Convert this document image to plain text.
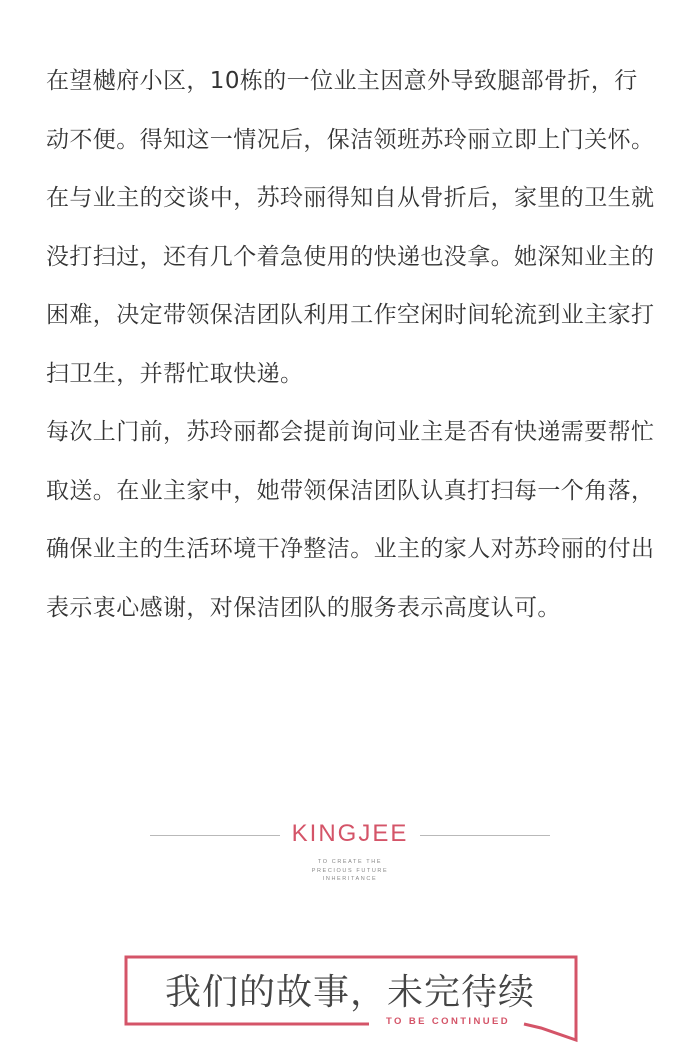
在望樾府小区，10栋的一位业主因意外导致腿部骨折，行动不便。得知这一情况后，保洁领班苏玲丽立即上门关怀。

在与业主的交谈中，苏玲丽得知自从骨折后，家里的卫生就没打扫过，还有几个着急使用的快递也没拿。她深知业主的困难，决定带领保洁团队利用工作空闲时间轮流到业主家打扫卫生，并帮忙取快递。

每次上门前，苏玲丽都会提前询问业主是否有快递需要帮忙取送。在业主家中，她带领保洁团队认真打扫每一个角落，确保业主的生活环境干净整洁。业主的家人对苏玲丽的付出表示衷心感谢，对保洁团队的服务表示高度认可。

KINGJEE
TO CREATE THE
PRECIOUS FUTURE
INHERITANCE
我们的故事，未完待续
TO BE CONTINUED
